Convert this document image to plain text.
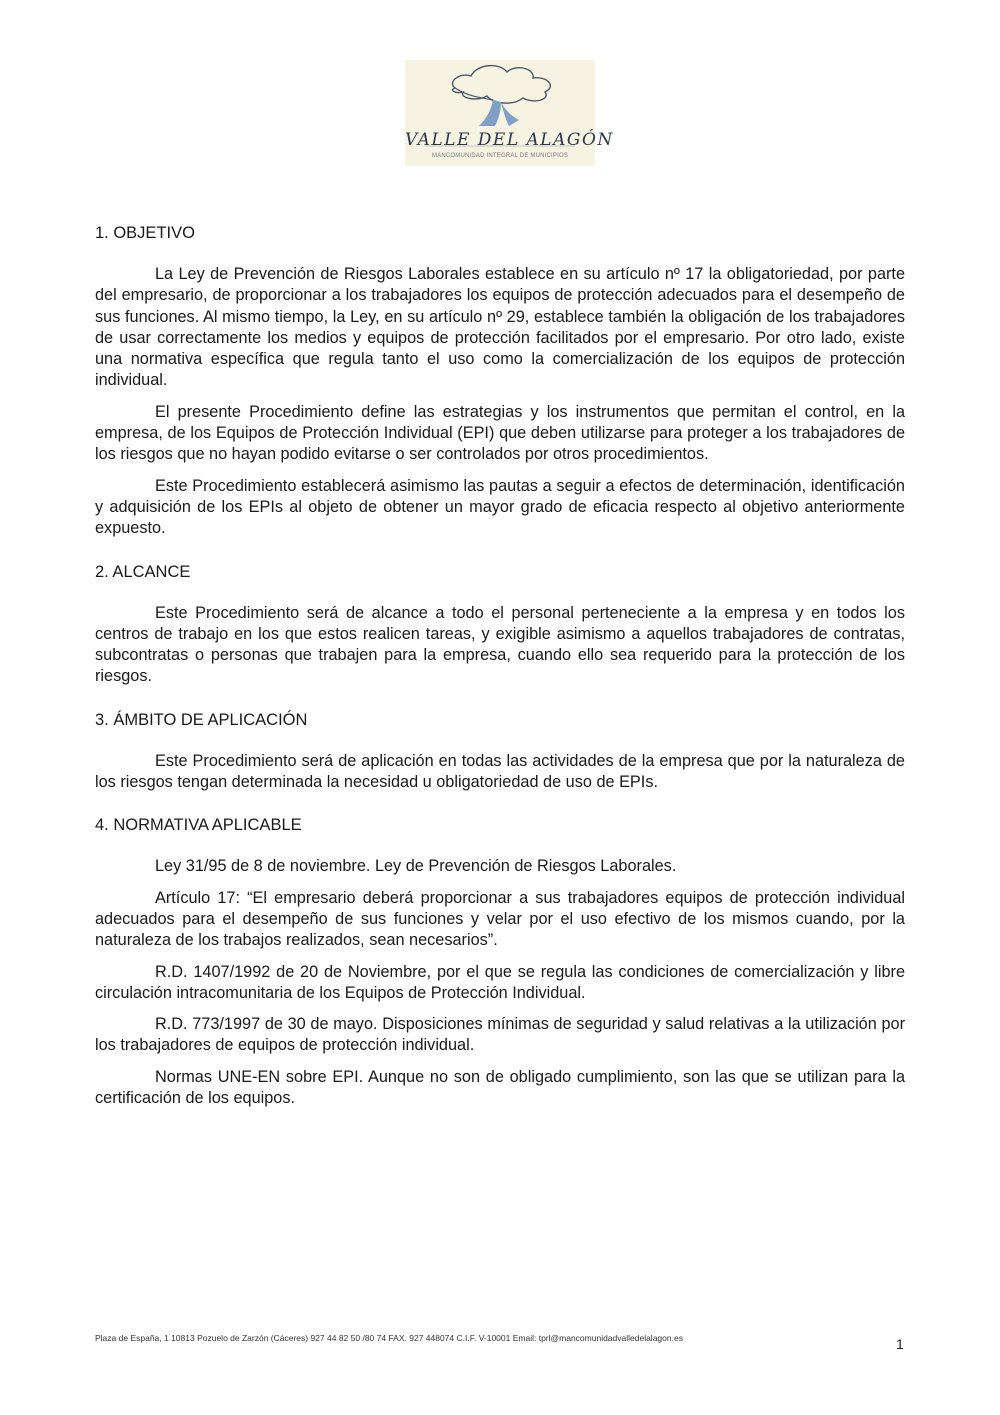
VALLE DEL ALAGÓN
MANCOMUNIDAD INTEGRAL DE MUNICIPIOS
1. OBJETIVO

La Ley de Prevención de Riesgos Laborales establece en su artículo nº 17 la obligatoriedad, por parte del empresario, de proporcionar a los trabajadores los equipos de protección adecuados para el desempeño de sus funciones. Al mismo tiempo, la Ley, en su artículo nº 29, establece también la obligación de los trabajadores de usar correctamente los medios y equipos de protección facilitados por el empresario. Por otro lado, existe una normativa específica que regula tanto el uso como la comercialización de los equipos de protección individual.

El presente Procedimiento define las estrategias y los instrumentos que permitan el control, en la empresa, de los Equipos de Protección Individual (EPI) que deben utilizarse para proteger a los trabajadores de los riesgos que no hayan podido evitarse o ser controlados por otros procedimientos.

Este Procedimiento establecerá asimismo las pautas a seguir a efectos de determinación, identificación y adquisición de los EPIs al objeto de obtener un mayor grado de eficacia respecto al objetivo anteriormente expuesto.

2. ALCANCE

Este Procedimiento será de alcance a todo el personal perteneciente a la empresa y en todos los centros de trabajo en los que estos realicen tareas, y exigible asimismo a aquellos trabajadores de contratas, subcontratas o personas que trabajen para la empresa, cuando ello sea requerido para la protección de los riesgos.

3. ÁMBITO DE APLICACIÓN

Este Procedimiento será de aplicación en todas las actividades de la empresa que por la naturaleza de los riesgos tengan determinada la necesidad u obligatoriedad de uso de EPIs.

4. NORMATIVA APLICABLE

Ley 31/95 de 8 de noviembre. Ley de Prevención de Riesgos Laborales.

Artículo 17: “El empresario deberá proporcionar a sus trabajadores equipos de protección individual adecuados para el desempeño de sus funciones y velar por el uso efectivo de los mismos cuando, por la naturaleza de los trabajos realizados, sean necesarios”.

R.D. 1407/1992 de 20 de Noviembre, por el que se regula las condiciones de comercialización y libre circulación intracomunitaria de los Equipos de Protección Individual.

R.D. 773/1997 de 30 de mayo. Disposiciones mínimas de seguridad y salud relativas a la utilización por los trabajadores de equipos de protección individual.

Normas UNE-EN sobre EPI. Aunque no son de obligado cumplimiento, son las que se utilizan para la certificación de los equipos.

Plaza de España, 1 10813 Pozuelo de Zarzón (Cáceres) 927 44 82 50 /80 74 FAX. 927 448074 C.I.F. V-10001 Email: tprl@mancomunidadvalledelalagon.es	1
